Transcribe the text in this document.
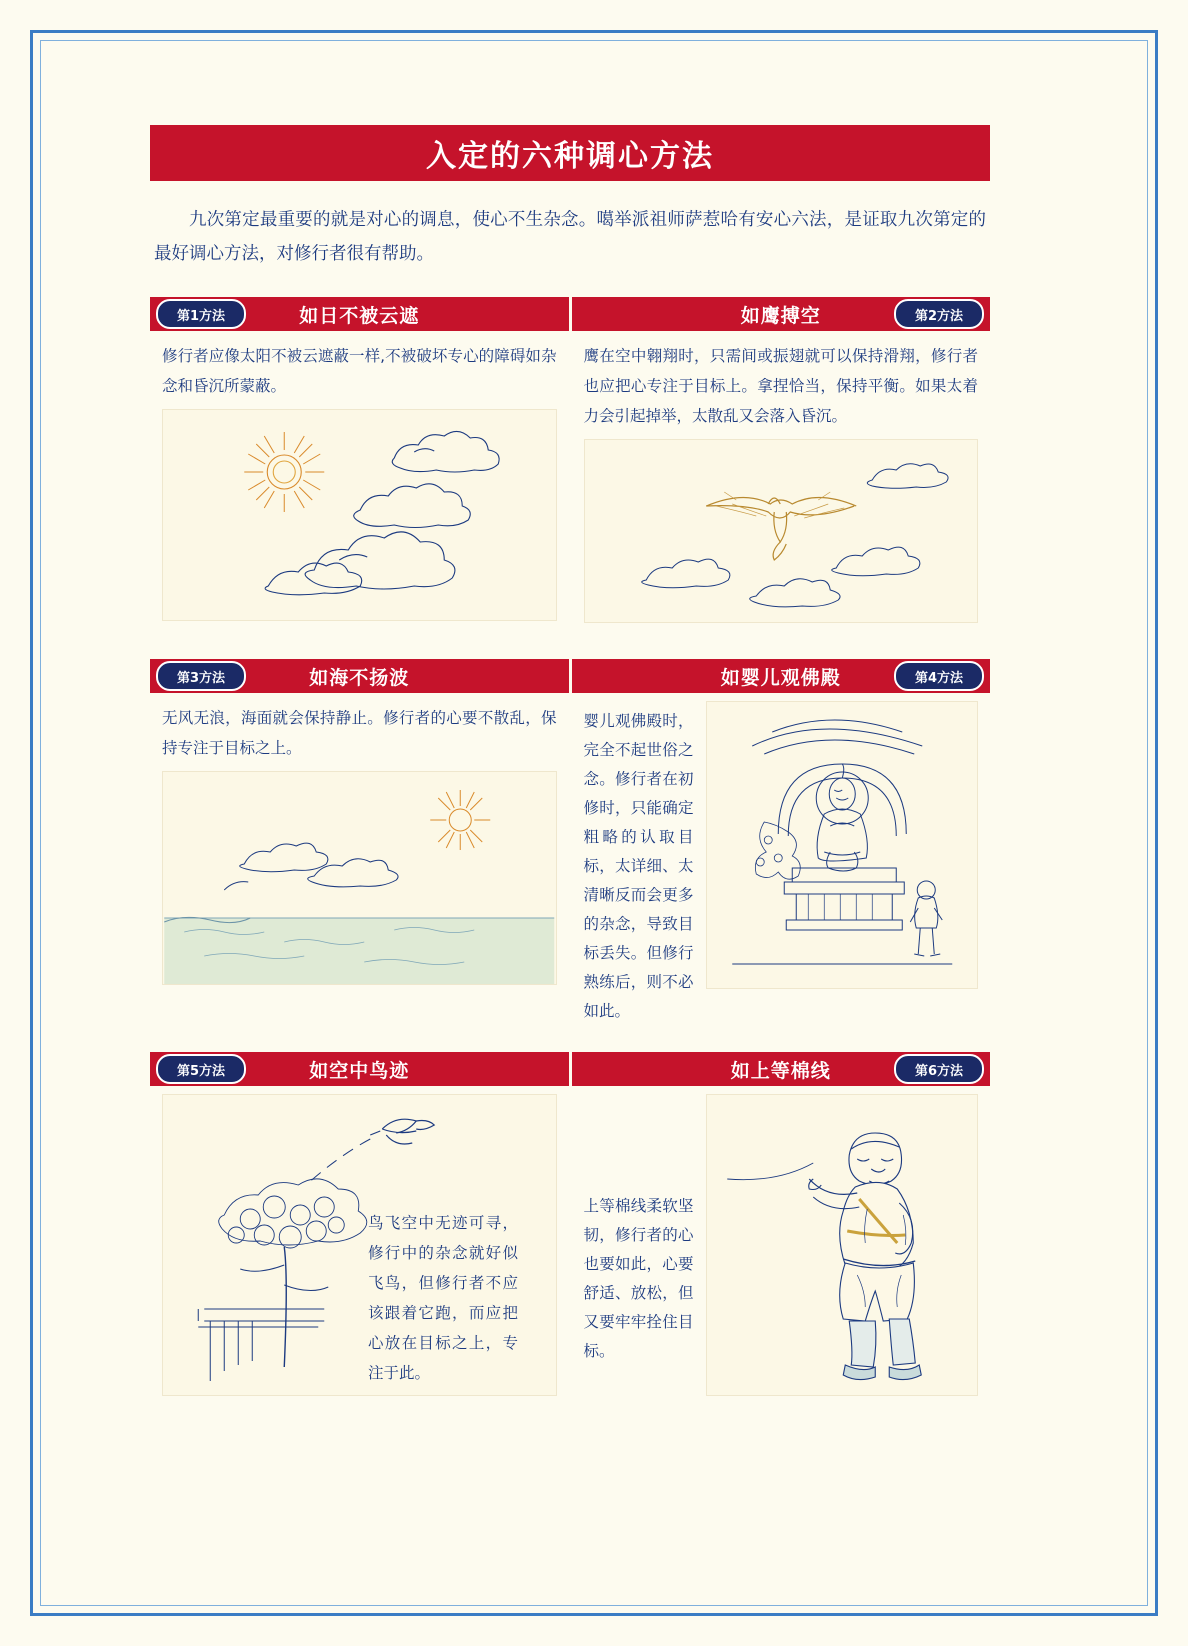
入定的六种调心方法
九次第定最重要的就是对心的调息，使心不生杂念。噶举派祖师萨惹哈有安心六法，是证取九次第定的最好调心方法，对修行者很有帮助。
第1方法	如日不被云遮	如鹰搏空	第2方法
修行者应像太阳不被云遮蔽一样,不被破坏专心的障碍如杂念和昏沉所蒙蔽。
鹰在空中翱翔时，只需间或振翅就可以保持滑翔，修行者也应把心专注于目标上。拿捏恰当，保持平衡。如果太着力会引起掉举，太散乱又会落入昏沉。
第3方法	如海不扬波	如婴儿观佛殿	第4方法
无风无浪，海面就会保持静止。修行者的心要不散乱，保持专注于目标之上。
婴儿观佛殿时，完全不起世俗之念。修行者在初修时，只能确定粗略的认取目标，太详细、太清晰反而会更多的杂念，导致目标丢失。但修行熟练后，则不必如此。
第5方法	如空中鸟迹	如上等棉线	第6方法
鸟飞空中无迹可寻，修行中的杂念就好似飞鸟，但修行者不应该跟着它跑，而应把心放在目标之上，专注于此。
上等棉线柔软坚韧，修行者的心也要如此，心要舒适、放松，但又要牢牢拴住目标。
